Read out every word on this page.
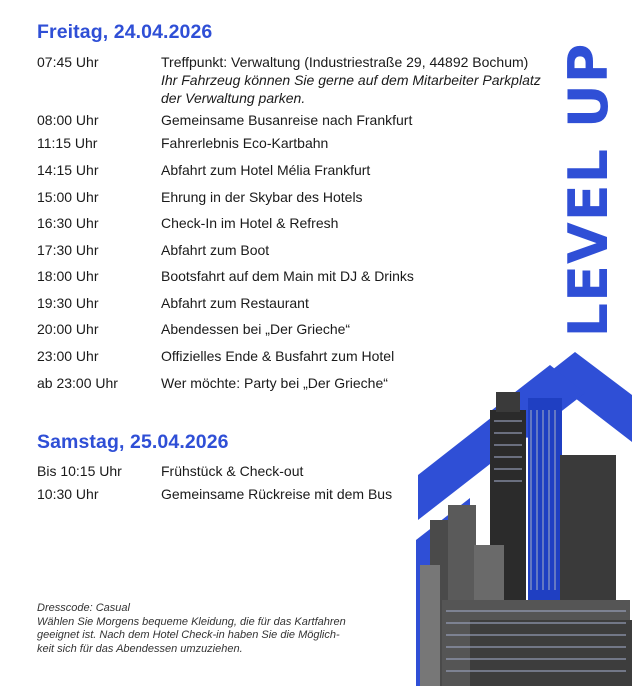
Freitag, 24.04.2026
07:45 Uhr	Treffpunkt: Verwaltung (Industriestraße 29, 44892 Bochum)
Ihr Fahrzeug können Sie gerne auf dem Mitarbeiter Parkplatz
der Verwaltung parken.
08:00 Uhr	Gemeinsame Busanreise nach Frankfurt
11:15 Uhr	Fahrerlebnis Eco-Kartbahn
14:15 Uhr	Abfahrt zum Hotel Mélia Frankfurt
15:00 Uhr	Ehrung in der Skybar des Hotels
16:30 Uhr	Check-In im Hotel & Refresh
17:30 Uhr	Abfahrt zum Boot
18:00 Uhr	Bootsfahrt auf dem Main mit DJ & Drinks
19:30 Uhr	Abfahrt zum Restaurant
20:00 Uhr	Abendessen bei „Der Grieche“
23:00 Uhr	Offizielles Ende & Busfahrt zum Hotel
ab 23:00 Uhr	Wer möchte: Party bei „Der Grieche“
Samstag, 25.04.2026
Bis 10:15 Uhr	Frühstück & Check-out
10:30 Uhr	Gemeinsame Rückreise mit dem Bus

Dresscode: Casual

Wählen Sie Morgens bequeme Kleidung, die für das Kartfahren

geeignet ist. Nach dem Hotel Check-in haben Sie die Möglich-

keit sich für das Abendessen umzuziehen.

LEVEL UP
